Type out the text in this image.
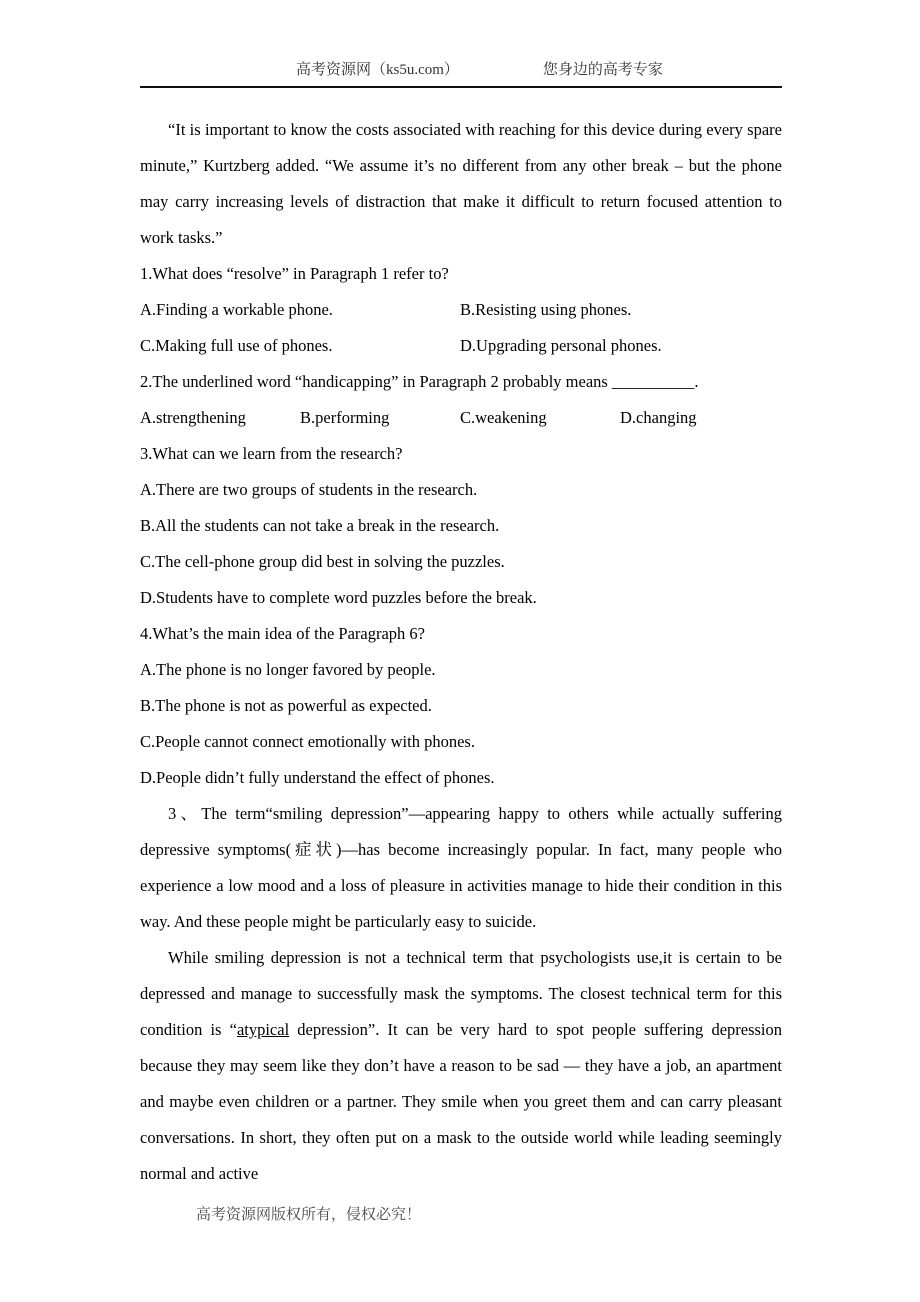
高考资源网（ks5u.com）	您身边的高考专家

“It is important to know the costs associated with reaching for this device during every spare minute,” Kurtzberg added. “We assume it’s no different from any other break – but the phone may carry increasing levels of distraction that make it difficult to return focused attention to work tasks.”

1.What does “resolve” in Paragraph 1 refer to?

A.Finding a workable phone.	B.Resisting using phones.
C.Making full use of phones.	D.Upgrading personal phones.

2.The underlined word “handicapping” in Paragraph 2 probably means __________.

A.strengthening	B.performing	C.weakening	D.changing

3.What can we learn from the research?

A.There are two groups of students in the research.

B.All the students can not take a break in the research.

C.The cell-phone group did best in solving the puzzles.

D.Students have to complete word puzzles before the break.

4.What’s the main idea of the Paragraph 6?

A.The phone is no longer favored by people.

B.The phone is not as powerful as expected.

C.People cannot connect emotionally with phones.

D.People didn’t fully understand the effect of phones.

3、The term“smiling depression”—appearing happy to others while actually suffering depressive symptoms(症状)—has become increasingly popular. In fact, many people who experience a low mood and a loss of pleasure in activities manage to hide their condition in this way. And these people might be particularly easy to suicide.

While smiling depression is not a technical term that psychologists use,it is certain to be depressed and manage to successfully mask the symptoms. The closest technical term for this condition is “atypical depression”. It can be very hard to spot people suffering depression because they may seem like they don’t have a reason to be sad — they have a job, an apartment and maybe even children or a partner. They smile when you greet them and can carry pleasant conversations. In short, they often put on a mask to the outside world while leading seemingly normal and active

高考资源网版权所有，侵权必究！
